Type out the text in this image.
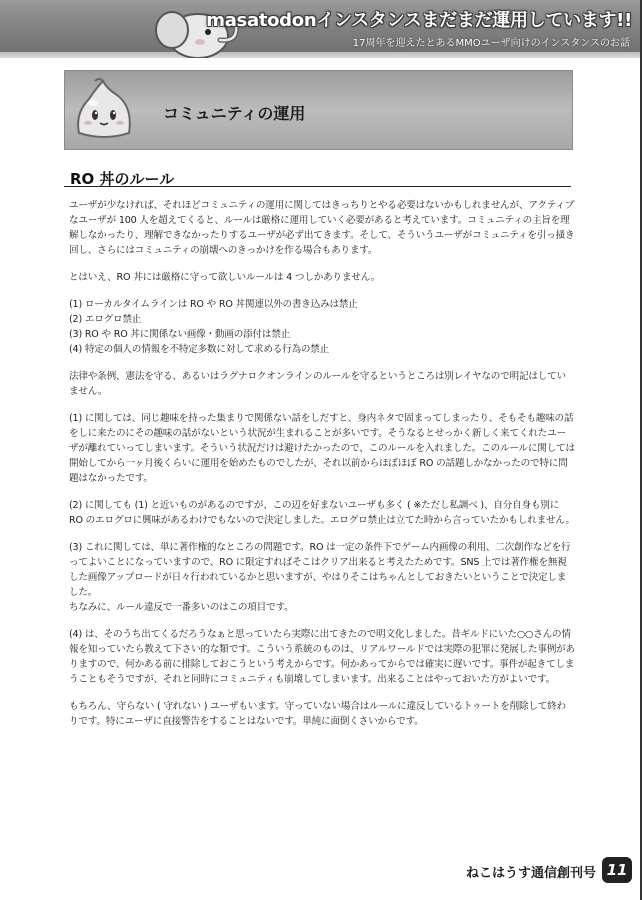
masatodonインスタンスまだまだ運用しています!!
17周年を迎えたとあるMMOユーザ向けのインスタンスのお話
コミュニティの運用
RO 丼のルール

ユーザが少なければ、それほどコミュニティの運用に関してはきっちりとやる必要はないかもしれませんが、アクティブなユーザが 100 人を超えてくると、ルールは厳格に運用していく必要があると考えています。コミュニティの主旨を理解しなかったり、理解できなかったりするユーザが必ず出てきます。そして、そういうユーザがコミュニティを引っ掻き回し、さらにはコミュニティの崩壊へのきっかけを作る場合もあります。

とはいえ、RO 丼には厳格に守って欲しいルールは 4 つしかありません。

(1) ローカルタイムラインは RO や RO 丼関連以外の書き込みは禁止

(2) エログロ禁止

(3) RO や RO 丼に関係ない画像・動画の添付は禁止

(4) 特定の個人の情報を不特定多数に対して求める行為の禁止

法律や条例、憲法を守る、あるいはラグナロクオンラインのルールを守るというところは別レイヤなので明記はしていません。

(1) に関しては、同じ趣味を持った集まりで関係ない話をしだすと、身内ネタで固まってしまったり、そもそも趣味の話をしに来たのにその趣味の話がないという状況が生まれることが多いです。そうなるとせっかく新しく来てくれたユーザが離れていってしまいます。そういう状況だけは避けたかったので、このルールを入れました。このルールに関しては開始してから一ヶ月後くらいに運用を始めたものでしたが、それ以前からほぼほぼ RO の話題しかなかったので特に問題はなかったです。

(2) に関しても (1) と近いものがあるのですが、この辺を好まないユーザも多く ( ※ただし私調べ )、自分自身も別に RO のエログロに興味があるわけでもないので決定しました。エログロ禁止は立てた時から言っていたかもしれません。

(3) これに関しては、単に著作権的なところの問題です。RO は一定の条件下でゲーム内画像の利用、二次創作などを行ってよいことになっていますので、RO に限定すればそこはクリア出来ると考えたためです。SNS 上では著作権を無視した画像アップロードが日々行われているかと思いますが、やはりそこはちゃんとしておきたいということで決定しました。

ちなみに、ルール違反で一番多いのはこの項目です。

(4) は、そのうち出てくるだろうなぁと思っていたら実際に出てきたので明文化しました。昔ギルドにいた○○さんの情報を知っていたら教えて下さい的な類です。こういう系統のものは、リアルワールドでは実際の犯罪に発展した事例がありますので、何かある前に排除しておこうという考えからです。何かあってからでは確実に遅いです。事件が起きてしまうこともそうですが、それと同時にコミュニティも崩壊してしまいます。出来ることはやっておいた方がよいです。

もちろん、守らない ( 守れない ) ユーザもいます。守っていない場合はルールに違反しているトゥートを削除して終わりです。特にユーザに直接警告をすることはないです。単純に面倒くさいからです。

ねこはうす通信創刊号 11
